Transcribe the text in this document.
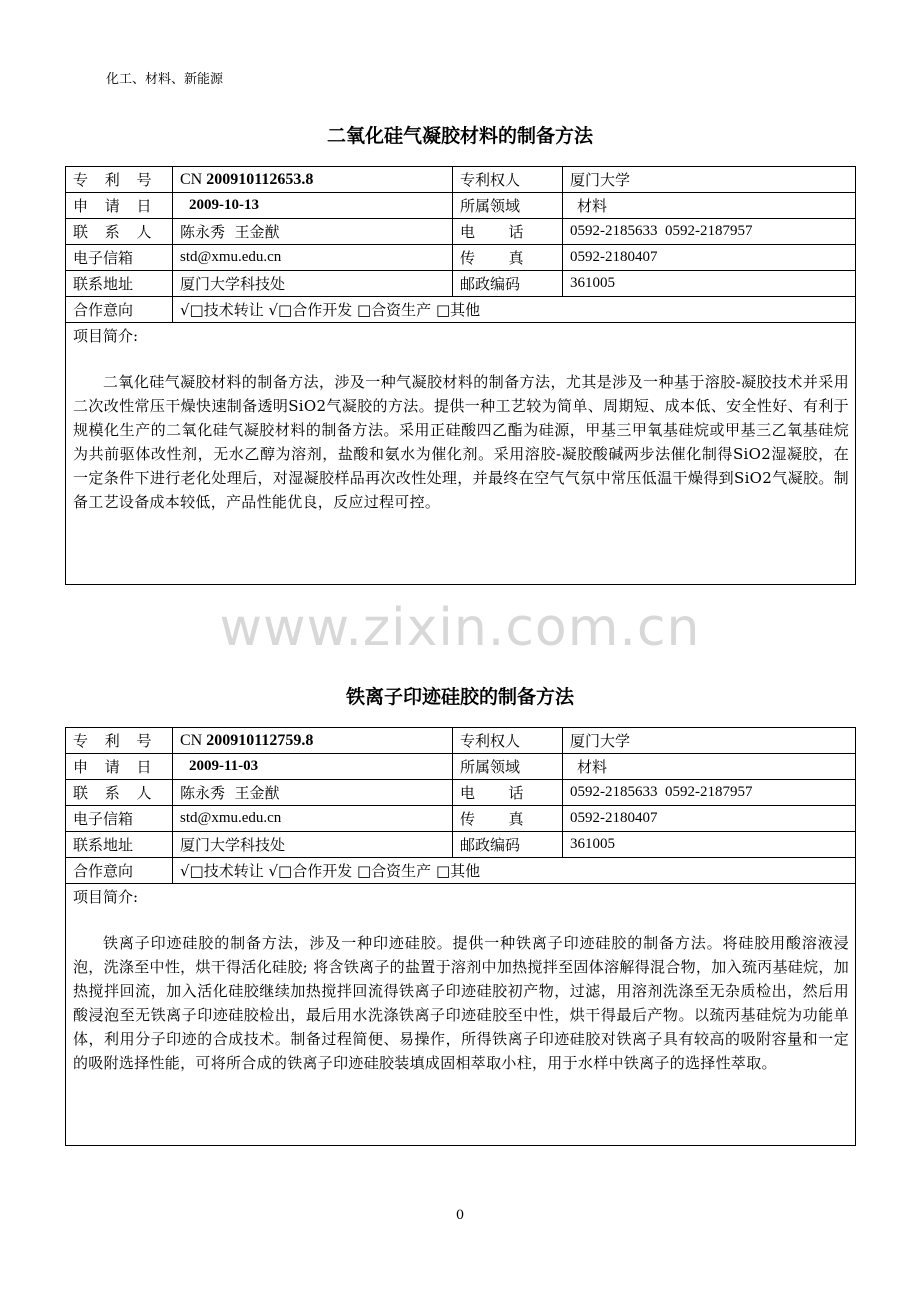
化工、材料、新能源
二氧化硅气凝胶材料的制备方法
专 利 号	CN 200910112653.8	专利权人	厦门大学
申 请 日	2009-10-13	所属领域	材料
联 系 人	陈永秀  王金猷	电  话	0592-2185633  0592-2187957
电子信箱	std@xmu.edu.cn	传  真	0592-2180407
联系地址	厦门大学科技处	邮政编码	361005
合作意向	√□技术转让 √□合作开发 □合资生产 □其他		

项目简介:
二氧化硅气凝胶材料的制备方法，涉及一种气凝胶材料的制备方法，尤其是涉及一种基于溶胶-凝胶技术并采用二次改性常压干燥快速制备透明SiO2气凝胶的方法。提供一种工艺较为简单、周期短、成本低、安全性好、有利于规模化生产的二氧化硅气凝胶材料的制备方法。采用正硅酸四乙酯为硅源，甲基三甲氧基硅烷或甲基三乙氧基硅烷为共前驱体改性剂，无水乙醇为溶剂，盐酸和氨水为催化剂。采用溶胶-凝胶酸碱两步法催化制得SiO2湿凝胶，在一定条件下进行老化处理后，对湿凝胶样品再次改性处理，并最终在空气气氛中常压低温干燥得到SiO2气凝胶。制备工艺设备成本较低，产品性能优良，反应过程可控。			
www.zixin.com.cn
铁离子印迹硅胶的制备方法
专 利 号	CN 200910112759.8	专利权人	厦门大学
申 请 日	2009-11-03	所属领域	材料
联 系 人	陈永秀  王金猷	电  话	0592-2185633  0592-2187957
电子信箱	std@xmu.edu.cn	传  真	0592-2180407
联系地址	厦门大学科技处	邮政编码	361005
合作意向	√□技术转让 √□合作开发 □合资生产 □其他		

项目简介:
铁离子印迹硅胶的制备方法，涉及一种印迹硅胶。提供一种铁离子印迹硅胶的制备方法。将硅胶用酸溶液浸泡，洗涤至中性，烘干得活化硅胶; 将含铁离子的盐置于溶剂中加热搅拌至固体溶解得混合物，加入巯丙基硅烷，加热搅拌回流，加入活化硅胶继续加热搅拌回流得铁离子印迹硅胶初产物，过滤，用溶剂洗涤至无杂质检出，然后用酸浸泡至无铁离子印迹硅胶检出，最后用水洗涤铁离子印迹硅胶至中性，烘干得最后产物。以巯丙基硅烷为功能单体，利用分子印迹的合成技术。制备过程简便、易操作，所得铁离子印迹硅胶对铁离子具有较高的吸附容量和一定的吸附选择性能，可将所合成的铁离子印迹硅胶装填成固相萃取小柱，用于水样中铁离子的选择性萃取。			
0
